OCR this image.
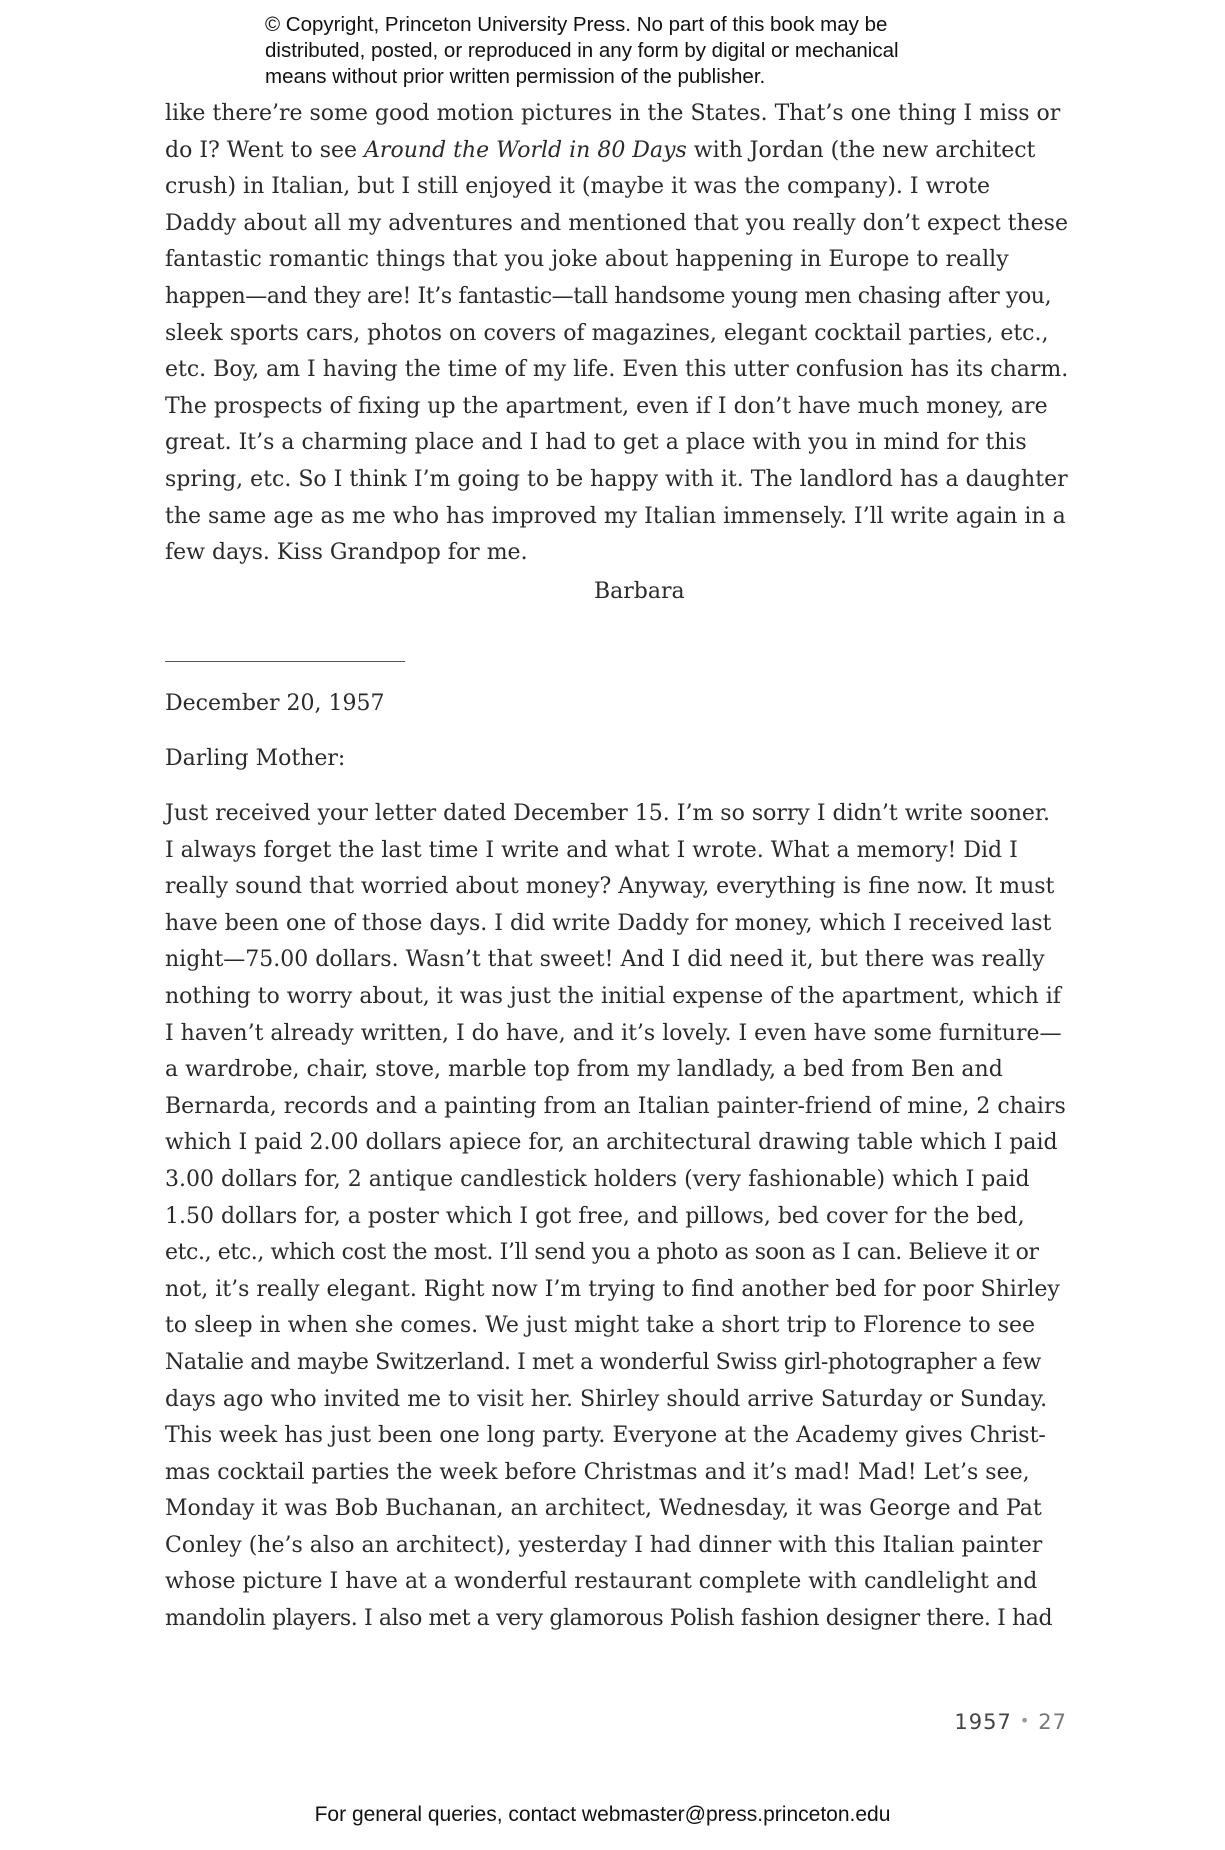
© Copyright, Princeton University Press. No part of this book may be
distributed, posted, or reproduced in any form by digital or mechanical
means without prior written permission of the publisher.
like there’re some good motion pictures in the States. That’s one thing I miss or
do I? Went to see Around the World in 80 Days with Jordan (the new architect
crush) in Italian, but I still enjoyed it (maybe it was the company). I wrote
Daddy about all my adventures and mentioned that you really don’t expect these
fantastic romantic things that you joke about happening in Europe to really
happen—and they are! It’s fantastic—tall handsome young men chasing after you,
sleek sports cars, photos on covers of magazines, elegant cocktail parties, etc.,
etc. Boy, am I having the time of my life. Even this utter confusion has its charm.
The prospects of fixing up the apartment, even if I don’t have much money, are
great. It’s a charming place and I had to get a place with you in mind for this
spring, etc. So I think I’m going to be happy with it. The landlord has a daughter
the same age as me who has improved my Italian immensely. I’ll write again in a
few days. Kiss Grandpop for me.
Barbara
December 20, 1957
Darling Mother:
Just received your letter dated December 15. I’m so sorry I didn’t write sooner.
I always forget the last time I write and what I wrote. What a memory! Did I
really sound that worried about money? Anyway, everything is fine now. It must
have been one of those days. I did write Daddy for money, which I received last
night—75.00 dollars. Wasn’t that sweet! And I did need it, but there was really
nothing to worry about, it was just the initial expense of the apartment, which if
I haven’t already written, I do have, and it’s lovely. I even have some furniture—
a wardrobe, chair, stove, marble top from my landlady, a bed from Ben and
Bernarda, records and a painting from an Italian painter-friend of mine, 2 chairs
which I paid 2.00 dollars apiece for, an architectural drawing table which I paid
3.00 dollars for, 2 antique candlestick holders (very fashionable) which I paid
1.50 dollars for, a poster which I got free, and pillows, bed cover for the bed,
etc., etc., which cost the most. I’ll send you a photo as soon as I can. Believe it or
not, it’s really elegant. Right now I’m trying to find another bed for poor Shirley
to sleep in when she comes. We just might take a short trip to Florence to see
Natalie and maybe Switzerland. I met a wonderful Swiss girl-photographer a few
days ago who invited me to visit her. Shirley should arrive Saturday or Sunday.
This week has just been one long party. Everyone at the Academy gives Christ-
mas cocktail parties the week before Christmas and it’s mad! Mad! Let’s see,
Monday it was Bob Buchanan, an architect, Wednesday, it was George and Pat
Conley (he’s also an architect), yesterday I had dinner with this Italian painter
whose picture I have at a wonderful restaurant complete with candlelight and
mandolin players. I also met a very glamorous Polish fashion designer there. I had
1957 • 27
For general queries, contact webmaster@press.princeton.edu
